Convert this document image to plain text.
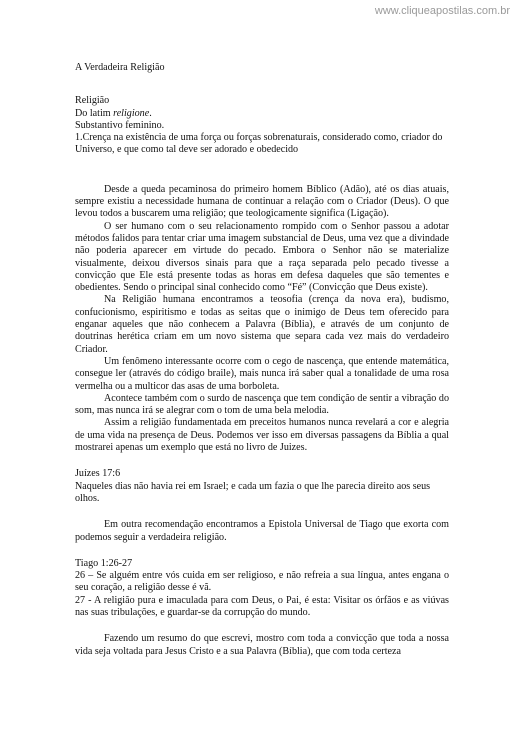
www.cliqueapostilas.com.br

A Verdadeira Religião

Religião

Do latim religione.

Substantivo feminino.

1.Crença na existência de uma força ou forças sobrenaturais, considerado como, criador do Universo, e que como tal deve ser adorado e obedecido

Desde a queda pecaminosa do primeiro homem Bíblico (Adão), até os dias atuais, sempre existiu a necessidade humana de continuar a relação com o Criador (Deus). O que levou todos a buscarem uma religião; que teologicamente significa (Ligação).

O ser humano com o seu relacionamento rompido com o Senhor passou a adotar métodos falidos para tentar criar uma imagem substancial de Deus, uma vez que a divindade não poderia aparecer em virtude do pecado. Embora o Senhor não se materialize visualmente, deixou diversos sinais para que a raça separada pelo pecado tivesse a convicção que Ele está presente todas as horas em defesa daqueles que são tementes e obedientes. Sendo o principal sinal conhecido como “Fé” (Convicção que Deus existe).

Na Religião humana encontramos a teosofia (crença da nova era), budismo, confucionismo, espiritismo e todas as seitas que o inimigo de Deus tem oferecido para enganar aqueles que não conhecem a Palavra (Bíblia), e através de um conjunto de doutrinas herética criam em um novo sistema que separa cada vez mais do verdadeiro Criador.

Um fenômeno interessante ocorre com o cego de nascença, que entende matemática, consegue ler (através do código braile), mais nunca irá saber qual a tonalidade de uma rosa vermelha ou a multicor das asas de uma borboleta.

Acontece também com o surdo de nascença que tem condição de sentir a vibração do som, mas nunca irá se alegrar com o tom de uma bela melodia.

Assim a religião fundamentada em preceitos humanos nunca revelará a cor e alegria de uma vida na presença de Deus. Podemos ver isso em diversas passagens da Bíblia a qual mostrarei apenas um exemplo que está no livro de Juizes.

Juízes 17:6

Naqueles dias não havia rei em Israel; e cada um fazia o que lhe parecia direito aos seus olhos.

Em outra recomendação encontramos a Epistola Universal de Tiago que exorta com podemos seguir a verdadeira religião.

Tiago 1:26-27

26 – Se alguém entre vós cuida em ser religioso, e não refreia a sua língua, antes engana o seu coração, a religião desse é vã.

27 - A religião pura e imaculada para com Deus, o Pai, é esta: Visitar os órfãos e as viúvas nas suas tribulações, e guardar-se da corrupção do mundo.

Fazendo um resumo do que escrevi, mostro com toda a convicção que toda a nossa vida seja voltada para Jesus Cristo e a sua Palavra (Bíblia), que com toda certeza
